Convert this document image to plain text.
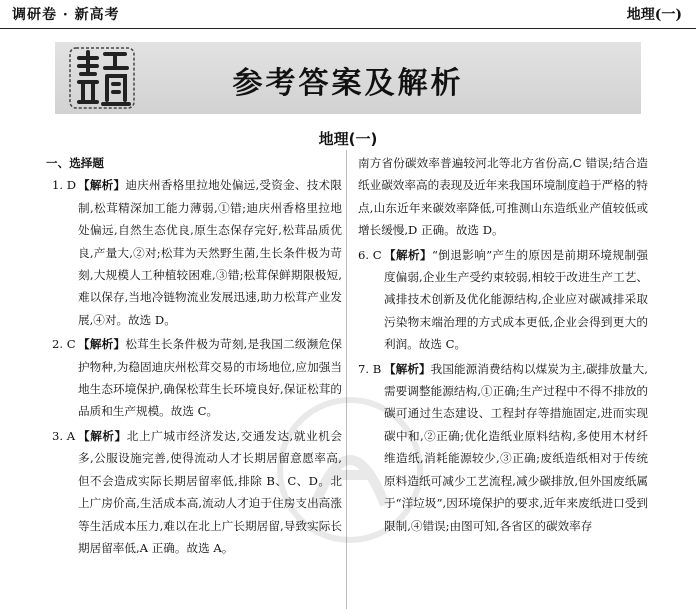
调研卷 · 新高考	地理(一)
参考答案及解析
地理(一)
一、选择题
1. D 【解析】迪庆州香格里拉地处偏远,受资金、技术限制,松茸精深加工能力薄弱,①错;迪庆州香格里拉地处偏远,自然生态优良,原生态保存完好,松茸品质优良,产量大,②对;松茸为天然野生菌,生长条件极为苛刻,大规模人工种植较困难,③错;松茸保鲜期限极短,难以保存,当地冷链物流业发展迅速,助力松茸产业发展,④对。故选 D。
2. C 【解析】松茸生长条件极为苛刻,是我国二级濒危保护物种,为稳固迪庆州松茸交易的市场地位,应加强当地生态环境保护,确保松茸生长环境良好,保证松茸的品质和生产规模。故选 C。
3. A 【解析】北上广城市经济发达,交通发达,就业机会多,公服设施完善,使得流动人才长期居留意愿率高,但不会造成实际长期居留率低,排除 B、C、D。北上广房价高,生活成本高,流动人才迫于住房支出高涨等生活成本压力,难以在北上广长期居留,导致实际长期居留率低,A 正确。故选 A。
南方省份碳效率普遍较河北等北方省份高,C 错误;结合造纸业碳效率高的表现及近年来我国环境制度趋于严格的特点,山东近年来碳效率降低,可推测山东造纸业产值较低或增长缓慢,D 正确。故选 D。
6. C 【解析】“倒退影响”产生的原因是前期环境规制强度偏弱,企业生产受约束较弱,相较于改进生产工艺、减排技术创新及优化能源结构,企业应对碳减排采取污染物末端治理的方式成本更低,企业会得到更大的利润。故选 C。
7. B 【解析】我国能源消费结构以煤炭为主,碳排放量大,需要调整能源结构,①正确;生产过程中不得不排放的碳可通过生态建设、工程封存等措施固定,进而实现碳中和,②正确;优化造纸业原料结构,多使用木材纤维造纸,消耗能源较少,③正确;废纸造纸相对于传统原料造纸可减少工艺流程,减少碳排放,但外国废纸属于“洋垃圾”,因环境保护的要求,近年来废纸进口受到限制,④错误;由图可知,各省区的碳效率存
